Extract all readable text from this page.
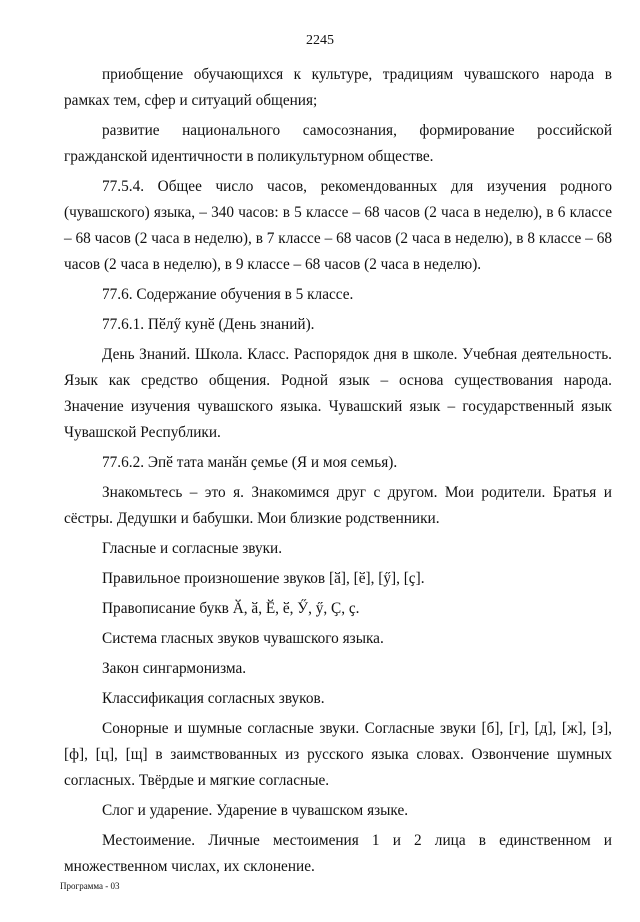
2245

приобщение обучающихся к культуре, традициям чувашского народа в рамках тем, сфер и ситуаций общения;

развитие национального самосознания, формирование российской гражданской идентичности в поликультурном обществе.

77.5.4. Общее число часов, рекомендованных для изучения родного (чувашского) языка, – 340 часов: в 5 классе – 68 часов (2 часа в неделю), в 6 классе – 68 часов (2 часа в неделю), в 7 классе – 68 часов (2 часа в неделю), в 8 классе – 68 часов (2 часа в неделю), в 9 классе – 68 часов (2 часа в неделю).

77.6. Содержание обучения в 5 классе.

77.6.1. Пӗлӳ кунӗ (День знаний).

День Знаний. Школа. Класс. Распорядок дня в школе. Учебная деятельность. Язык как средство общения. Родной язык – основа существования народа. Значение изучения чувашского языка. Чувашский язык – государственный язык Чувашской Республики.

77.6.2. Эпӗ тата манӑн ҫемье (Я и моя семья).

Знакомьтесь – это я. Знакомимся друг с другом. Мои родители. Братья и сёстры. Дедушки и бабушки. Мои близкие родственники.

Гласные и согласные звуки.

Правильное произношение звуков [ӑ], [ӗ], [ӳ], [ҫ].

Правописание букв Ӑ, ӑ, Ӗ, ӗ, Ӳ, ӳ, Ҫ, ҫ.

Система гласных звуков чувашского языка.

Закон сингармонизма.

Классификация согласных звуков.

Сонорные и шумные согласные звуки. Согласные звуки [б], [г], [д], [ж], [з], [ф], [ц], [щ] в заимствованных из русского языка словах. Озвончение шумных согласных. Твёрдые и мягкие согласные.

Слог и ударение. Ударение в чувашском языке.

Местоимение. Личные местоимения 1 и 2 лица в единственном и множественном числах, их склонение.

Программа - 03
